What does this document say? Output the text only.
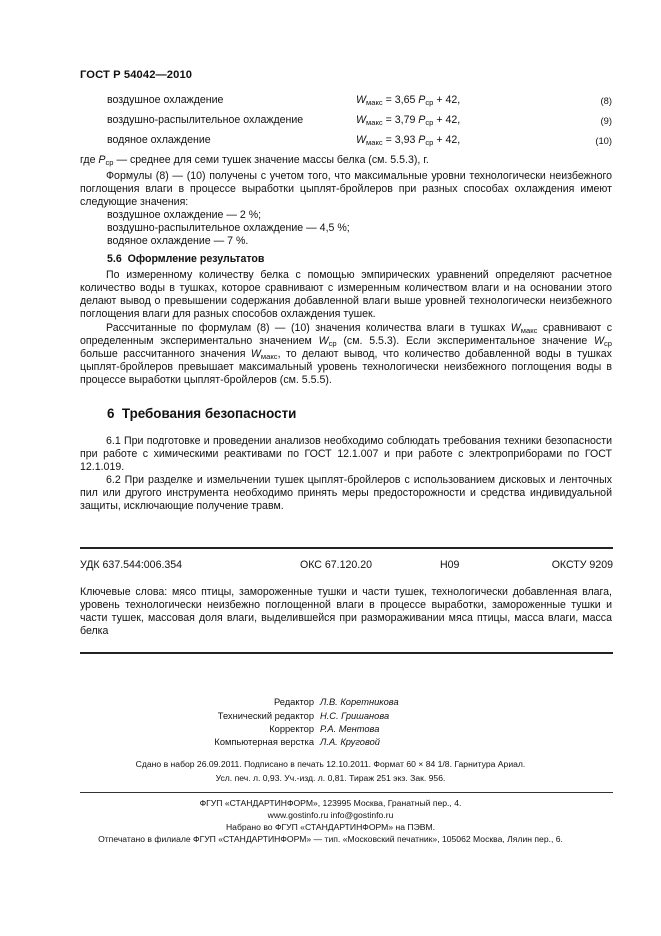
ГОСТ Р 54042—2010
воздушное охлаждение	$W_{макс} = 3,65$ $P_{ср} + 42$,	(8)
воздушно-распылительное охлаждение	$W_{макс} = 3,79$ $P_{ср} + 42$,	(9)
водяное охлаждение	$W_{макс} = 3,93$ $P_{ср} + 42$,	(10)
где $P_{ср}$ — среднее для семи тушек значение массы белка (см. 5.5.3), г.

Формулы (8) — (10) получены с учетом того, что максимальные уровни технологически неизбежного поглощения влаги в процессе выработки цыплят-бройлеров при разных способах охлаждения имеют следующие значения:

воздушное охлаждение — 2 %;
воздушно-распылительное охлаждение — 4,5 %;
водяное охлаждение — 7 %.
5.6 Оформление результатов

По измеренному количеству белка с помощью эмпирических уравнений определяют расчетное количество воды в тушках, которое сравнивают с измеренным количеством влаги и на основании этого делают вывод о превышении содержания добавленной влаги выше уровней технологически неизбежного поглощения влаги для разных способов охлаждения тушек.

Рассчитанные по формулам (8) — (10) значения количества влаги в тушках $W_{макс}$ сравнивают с определенным экспериментально значением $W_{ср}$ (см. 5.5.3). Если экспериментальное значение $W_{ср}$ больше рассчитанного значения $W_{макс}$, то делают вывод, что количество добавленной воды в тушках цыплят-бройлеров превышает максимальный уровень технологически неизбежного поглощения воды в процессе выработки цыплят-бройлеров (см. 5.5.5).

6 Требования безопасности

6.1 При подготовке и проведении анализов необходимо соблюдать требования техники безопасности при работе с химическими реактивами по ГОСТ 12.1.007 и при работе с электроприборами по ГОСТ 12.1.019.

6.2 При разделке и измельчении тушек цыплят-бройлеров с использованием дисковых и ленточных пил или другого инструмента необходимо принять меры предосторожности и средства индивидуальной защиты, исключающие получение травм.

УДК 637.544:006.354	ОКС 67.120.20	Н09	ОКСТУ 9209

Ключевые слова: мясо птицы, замороженные тушки и части тушек, технологически добавленная влага, уровень технологически неизбежно поглощенной влаги в процессе выработки, замороженные тушки и части тушек, массовая доля влаги, выделившейся при размораживании мяса птицы, масса влаги, масса белка

Редактор Л.В. Коретникова
Технический редактор Н.С. Гришанова
Корректор Р.А. Ментова
Компьютерная верстка Л.А. Круговой
Сдано в набор 26.09.2011. Подписано в печать 12.10.2011. Формат 60 × 84 1/8. Гарнитура Ариал.
Усл. печ. л. 0,93. Уч.-изд. л. 0,81. Тираж 251 экз. Зак. 956.
ФГУП «СТАНДАРТИНФОРМ», 123995 Москва, Гранатный пер., 4.
www.gostinfo.ru info@gostinfo.ru
Набрано во ФГУП «СТАНДАРТИНФОРМ» на ПЭВМ.
Отпечатано в филиале ФГУП «СТАНДАРТИНФОРМ» — тип. «Московский печатник», 105062 Москва, Лялин пер., 6.
